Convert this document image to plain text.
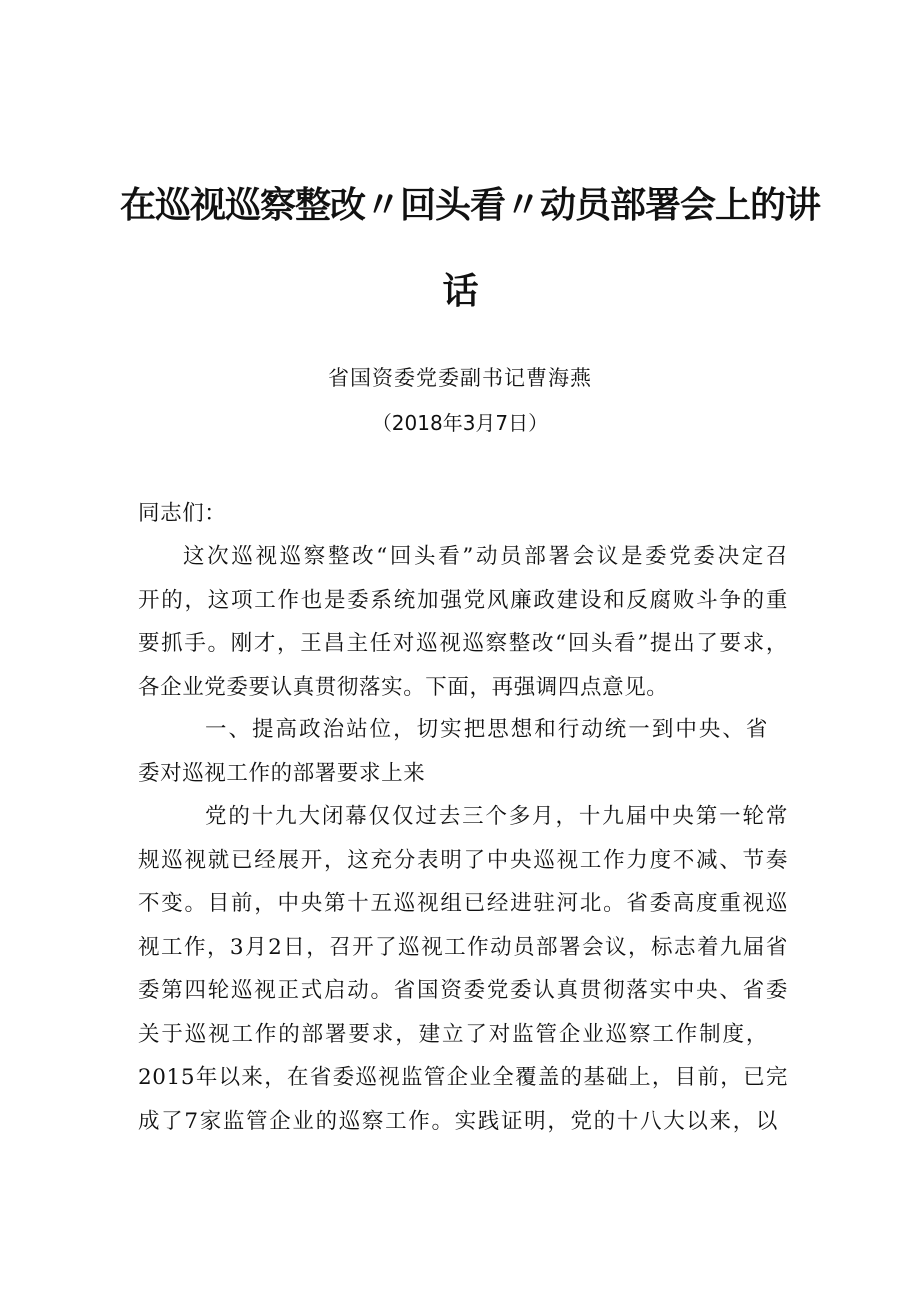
在巡视巡察整改〃回头看〃动员部署会上的讲
话
省国资委党委副书记曹海燕
（2018年3月7日）
同志们：
这次巡视巡察整改“回头看”动员部署会议是委党委决定召
开的，这项工作也是委系统加强党风廉政建设和反腐败斗争的重
要抓手。刚才，王昌主任对巡视巡察整改“回头看”提出了要求，
各企业党委要认真贯彻落实。下面，再强调四点意见。
一、提高政治站位，切实把思想和行动统一到中央、省
委对巡视工作的部署要求上来
党的十九大闭幕仅仅过去三个多月，十九届中央第一轮常
规巡视就已经展开，这充分表明了中央巡视工作力度不减、节奏
不变。目前，中央第十五巡视组已经进驻河北。省委高度重视巡
视工作，3月2日，召开了巡视工作动员部署会议，标志着九届省
委第四轮巡视正式启动。省国资委党委认真贯彻落实中央、省委
关于巡视工作的部署要求，建立了对监管企业巡察工作制度，
2015年以来，在省委巡视监管企业全覆盖的基础上，目前，已完
成了7家监管企业的巡察工作。实践证明，党的十八大以来，以
